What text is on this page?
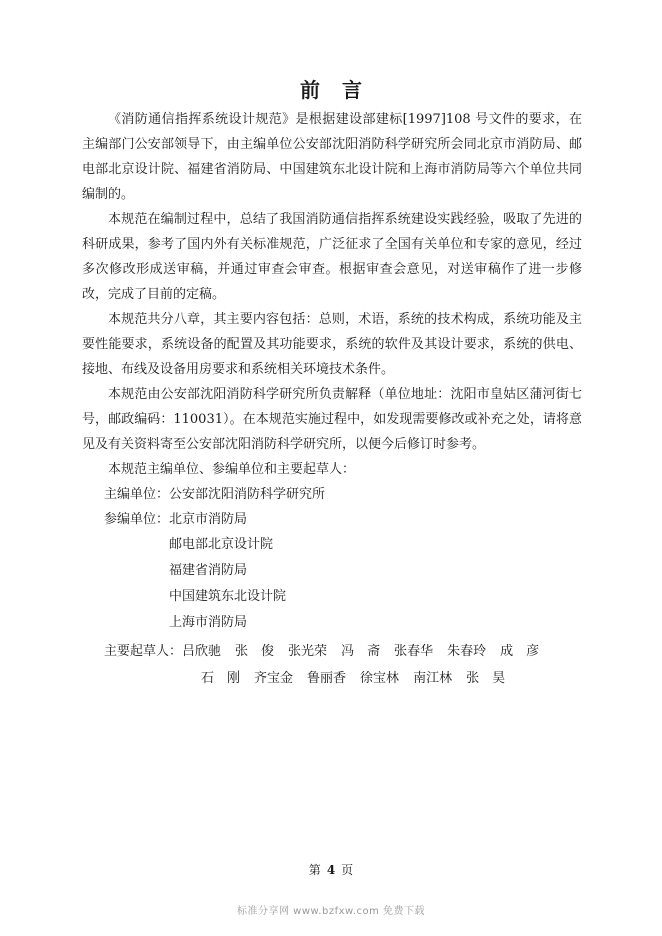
前言

《消防通信指挥系统设计规范》是根据建设部建标[1997]108 号文件的要求，在主编部门公安部领导下，由主编单位公安部沈阳消防科学研究所会同北京市消防局、邮电部北京设计院、福建省消防局、中国建筑东北设计院和上海市消防局等六个单位共同编制的。

本规范在编制过程中，总结了我国消防通信指挥系统建设实践经验，吸取了先进的科研成果，参考了国内外有关标准规范，广泛征求了全国有关单位和专家的意见，经过多次修改形成送审稿，并通过审查会审查。根据审查会意见，对送审稿作了进一步修改，完成了目前的定稿。

本规范共分八章，其主要内容包括：总则，术语，系统的技术构成，系统功能及主要性能要求，系统设备的配置及其功能要求，系统的软件及其设计要求，系统的供电、接地、布线及设备用房要求和系统相关环境技术条件。

本规范由公安部沈阳消防科学研究所负责解释（单位地址：沈阳市皇姑区蒲河街七号，邮政编码：110031）。在本规范实施过程中，如发现需要修改或补充之处，请将意见及有关资料寄至公安部沈阳消防科学研究所，以便今后修订时参考。

本规范主编单位、参编单位和主要起草人：

主编单位： 公安部沈阳消防科学研究所
参编单位： 北京市消防局
邮电部北京设计院
福建省消防局
中国建筑东北设计院
上海市消防局
主要起草人： 吕欣驰 张　俊 张光荣 冯　斋 张春华 朱春玲 成　彦
石　刚 齐宝金 鲁丽香 徐宝林 南江林 张　昊
第 4 页
标准分享网 www.bzfxw.com 免费下载
